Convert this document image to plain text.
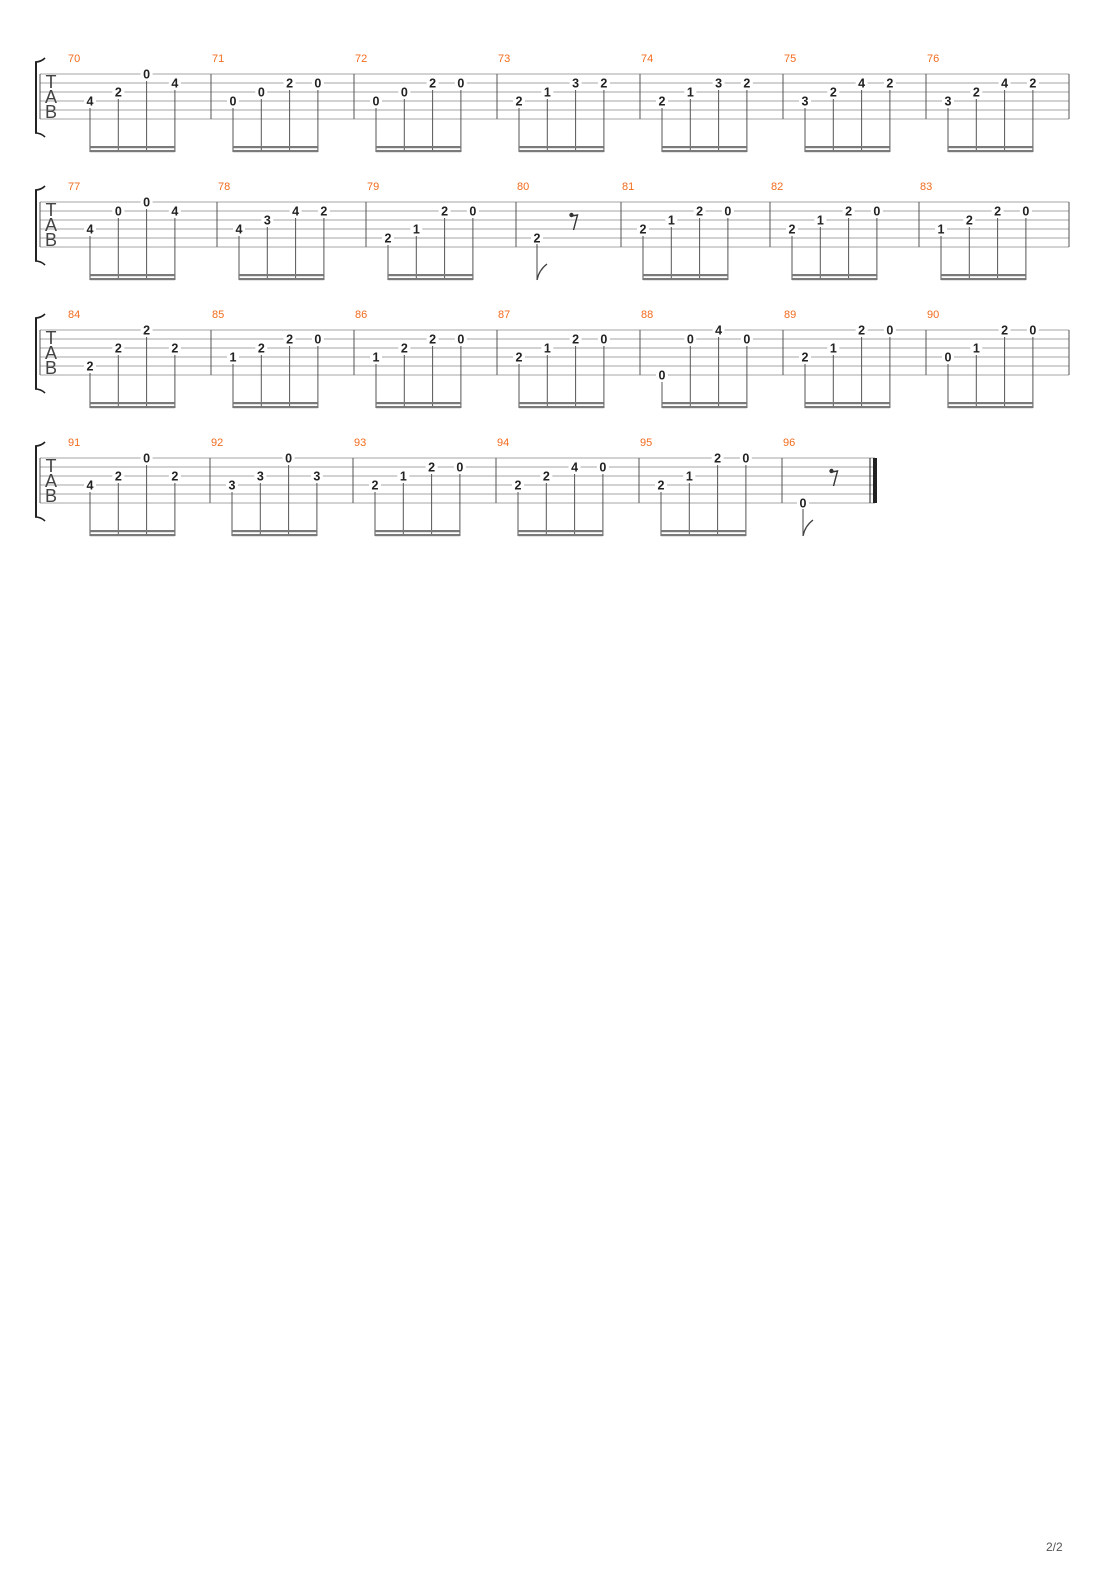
T
A
B
70
4
2
0
4
71
0
0
2 0
72
0
0
2 0
73
2
1
3 2
74
2
1
3 2
75
3
2
4 2
76
3
2
4 2
T
A
B
77
4
0
0
4
78
4
3
4 2
79
2
1
2 0
80
2
81
2
1
2 0
82
2
1
2 0
83
1
2
2 0
T
A
B
84
2
2
2
2
85
1
2
2 0
86
1
2
2 0
87
2
1
2 0
88
0
0
4
0
89
2
1
2 0
90
0
1
2 0
T
A
B
91
4
2
0
2
92
3
3
0
3
93
2
1
2 0
94
2
2
4 0
95
2
1
2 0
96
0
2/2
